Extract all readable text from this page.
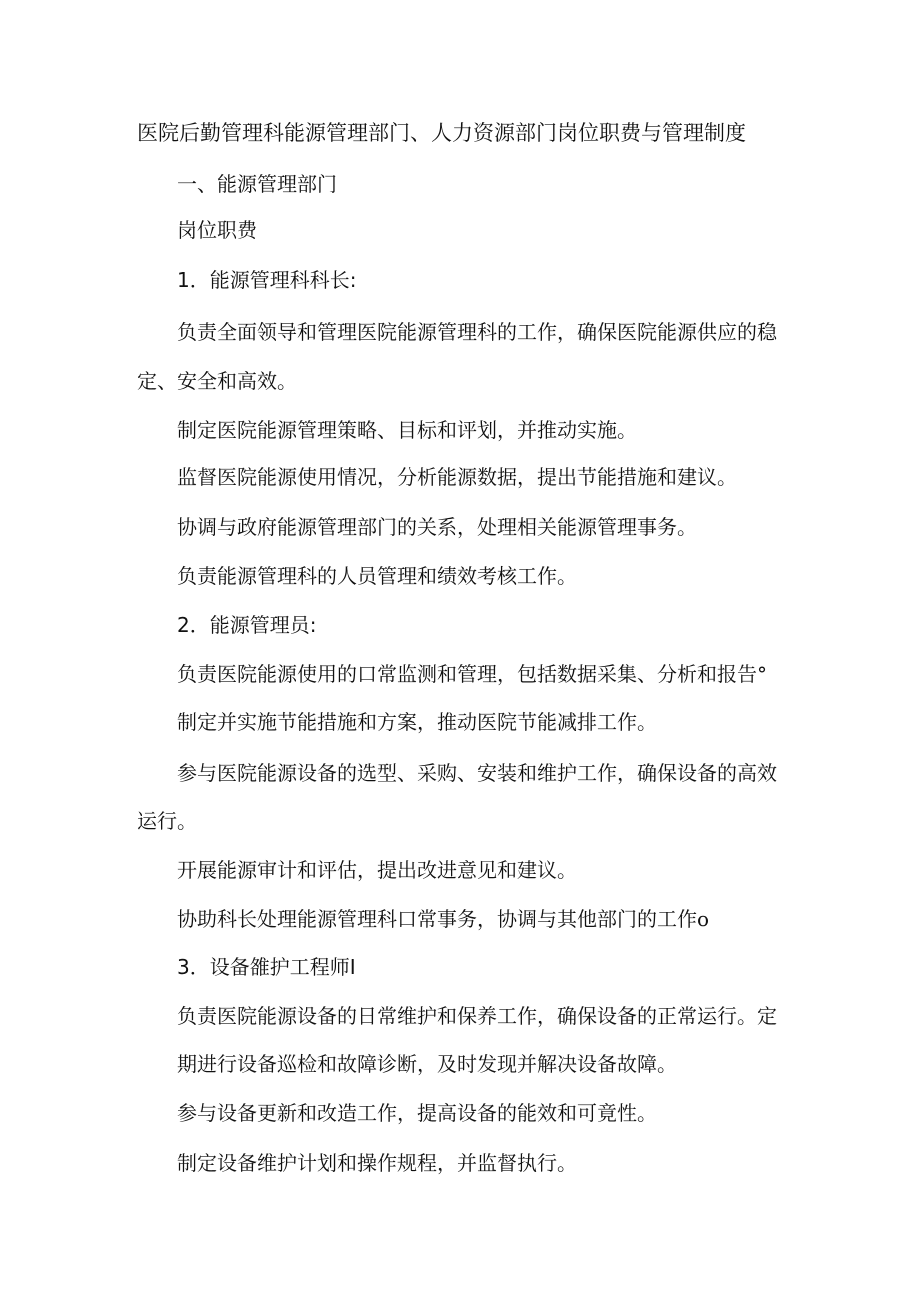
医院后勤管理科能源管理部门、人力资源部门岗位职费与管理制度
一、能源管理部门
岗位职费
1．能源管理科科长:
负责全面领导和管理医院能源管理科的工作，确保医院能源供应的稳
定、安全和高效。
制定医院能源管理策略、目标和评划，并推动实施。
监督医院能源使用情况，分析能源数据，提出节能措施和建议。
协调与政府能源管理部门的关系，处理相关能源管理事务。
负责能源管理科的人员管理和绩效考核工作。
2．能源管理员:
负责医院能源使用的口常监测和管理，包括数据采集、分析和报告°
制定并实施节能措施和方案，推动医院节能减排工作。
参与医院能源设备的选型、采购、安装和维护工作，确保设备的高效
运行。
开展能源审计和评估，提出改进意见和建议。
协助科长处理能源管理科口常事务，协调与其他部门的工作o
3．设备雒护工程师I
负责医院能源设备的日常维护和保养工作，确保设备的正常运行。定
期进行设备巡检和故障诊断，及时发现并解决设备故障。
参与设备更新和改造工作，提高设备的能效和可竟性。
制定设备维护计划和操作规程，并监督执行。
